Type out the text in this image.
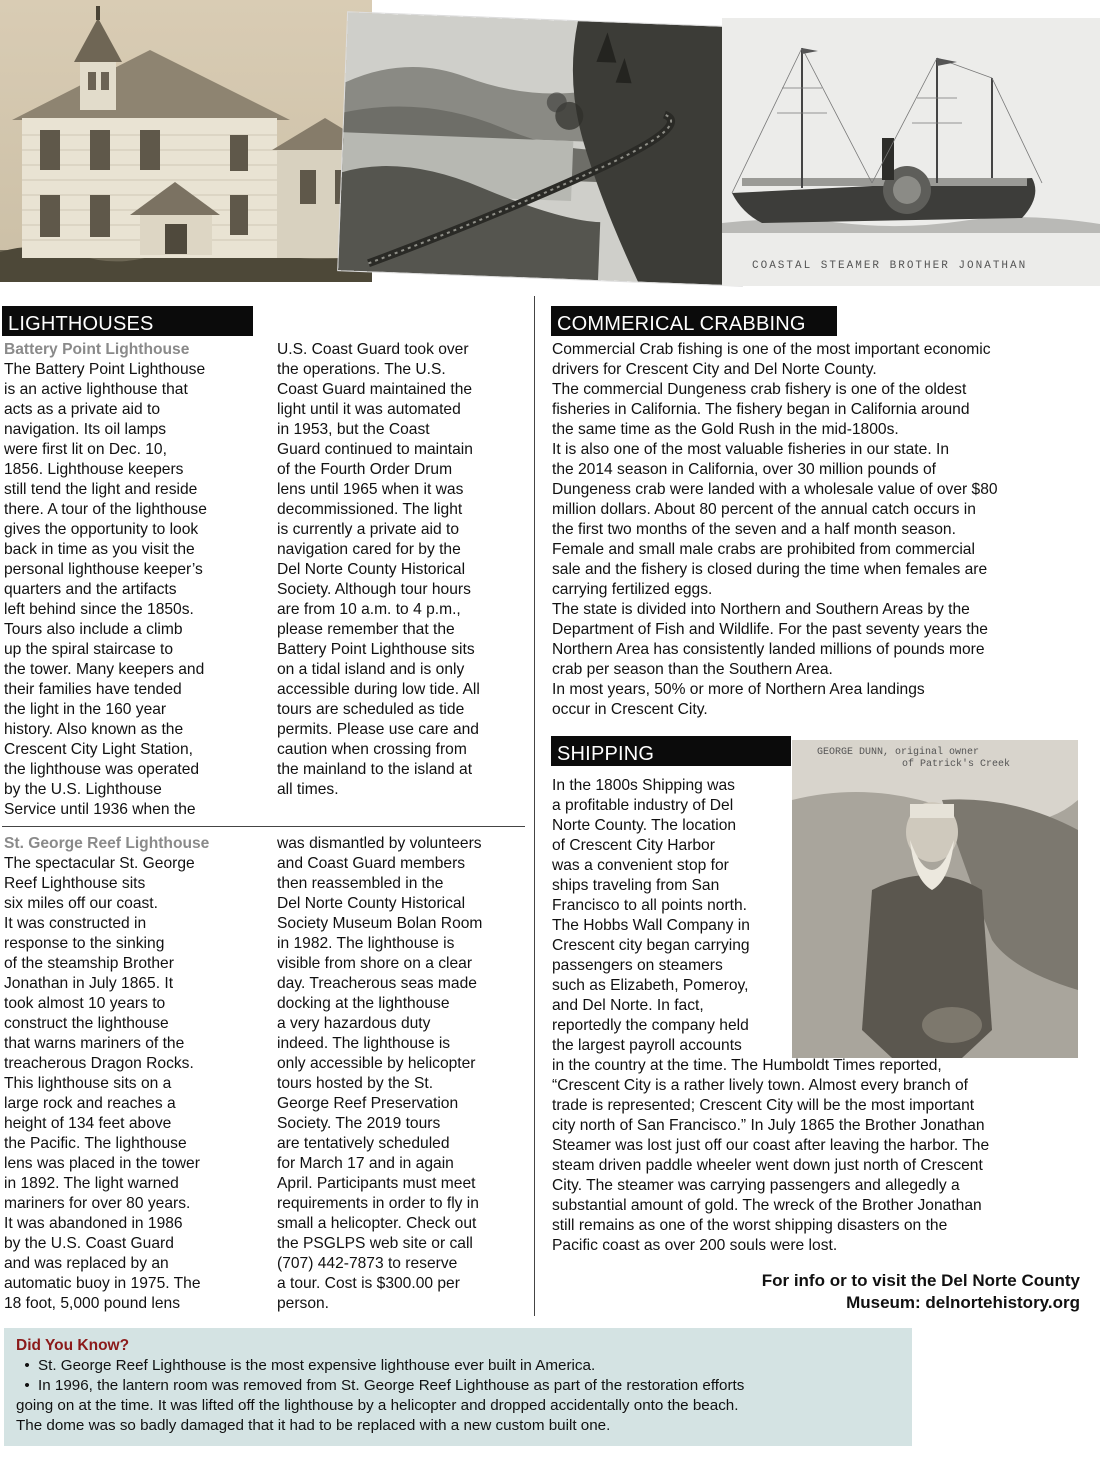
COASTAL STEAMER BROTHER JONATHAN
GEORGE DUNN, original owner
of Patrick's Creek
LIGHTHOUSES
Battery Point Lighthouse

The Battery Point Lighthouse
is an active lighthouse that
acts as a private aid to
navigation. Its oil lamps
were first lit on Dec. 10,
1856. Lighthouse keepers
still tend the light and reside
there. A tour of the lighthouse
gives the opportunity to look
back in time as you visit the
personal lighthouse keeper’s
quarters and the artifacts
left behind since the 1850s.
Tours also include a climb
up the spiral staircase to
the tower. Many keepers and
their families have tended
the light in the 160 year
history. Also known as the
Crescent City Light Station,
the lighthouse was operated
by the U.S. Lighthouse
Service until 1936 when the

U.S. Coast Guard took over
the operations. The U.S.
Coast Guard maintained the
light until it was automated
in 1953, but the Coast
Guard continued to maintain
of the Fourth Order Drum
lens until 1965 when it was
decommissioned. The light
is currently a private aid to
navigation cared for by the
Del Norte County Historical
Society. Although tour hours
are from 10 a.m. to 4 p.m.,
please remember that the
Battery Point Lighthouse sits
on a tidal island and is only
accessible during low tide. All
tours are scheduled as tide
permits. Please use care and
caution when crossing from
the mainland to the island at
all times.

St. George Reef Lighthouse

The spectacular St. George
Reef Lighthouse sits
six miles off our coast.
It was constructed in
response to the sinking
of the steamship Brother
Jonathan in July 1865. It
took almost 10 years to
construct the lighthouse
that warns mariners of the
treacherous Dragon Rocks.
This lighthouse sits on a
large rock and reaches a
height of 134 feet above
the Pacific. The lighthouse
lens was placed in the tower
in 1892. The light warned
mariners for over 80 years.
It was abandoned in 1986
by the U.S. Coast Guard
and was replaced by an
automatic buoy in 1975. The
18 foot, 5,000 pound lens

was dismantled by volunteers
and Coast Guard members
then reassembled in the
Del Norte County Historical
Society Museum Bolan Room
in 1982. The lighthouse is
visible from shore on a clear
day. Treacherous seas made
docking at the lighthouse
a very hazardous duty
indeed. The lighthouse is
only accessible by helicopter
tours hosted by the St.
George Reef Preservation
Society. The 2019 tours
are tentatively scheduled
for March 17 and in again
April. Participants must meet
requirements in order to fly in
small a helicopter. Check out
the PSGLPS web site or call
(707) 442-7873 to reserve
a tour. Cost is $300.00 per
person.

COMMERICAL CRABBING

Commercial Crab fishing is one of the most important economic
drivers for Crescent City and Del Norte County.
The commercial Dungeness crab fishery is one of the oldest
fisheries in California. The fishery began in California around
the same time as the Gold Rush in the mid-1800s.
It is also one of the most valuable fisheries in our state. In
the 2014 season in California, over 30 million pounds of
Dungeness crab were landed with a wholesale value of over $80
million dollars. About 80 percent of the annual catch occurs in
the first two months of the seven and a half month season.
Female and small male crabs are prohibited from commercial
sale and the fishery is closed during the time when females are
carrying fertilized eggs.
The state is divided into Northern and Southern Areas by the
Department of Fish and Wildlife. For the past seventy years the
Northern Area has consistently landed millions of pounds more
crab per season than the Southern Area.
In most years, 50% or more of Northern Area landings
occur in Crescent City.

SHIPPING

In the 1800s Shipping was
a profitable industry of Del
Norte County. The location
of Crescent City Harbor
was a convenient stop for
ships traveling from San
Francisco to all points north.
The Hobbs Wall Company in
Crescent city began carrying
passengers on steamers
such as Elizabeth, Pomeroy,
and Del Norte. In fact,
reportedly the company held
the largest payroll accounts

in the country at the time. The Humboldt Times reported,
“Crescent City is a rather lively town. Almost every branch of
trade is represented; Crescent City will be the most important
city north of San Francisco.” In July 1865 the Brother Jonathan
Steamer was lost just off our coast after leaving the harbor. The
steam driven paddle wheeler went down just north of Crescent
City. The steamer was carrying passengers and allegedly a
substantial amount of gold. The wreck of the Brother Jonathan
still remains as one of the worst shipping disasters on the
Pacific coast as over 200 souls were lost.

For info or to visit the Del Norte County
Museum: delnortehistory.org
Did You Know?
• St. George Reef Lighthouse is the most expensive lighthouse ever built in America.
• In 1996, the lantern room was removed from St. George Reef Lighthouse as part of the restoration efforts
going on at the time. It was lifted off the lighthouse by a helicopter and dropped accidentally onto the beach.
The dome was so badly damaged that it had to be replaced with a new custom built one.
